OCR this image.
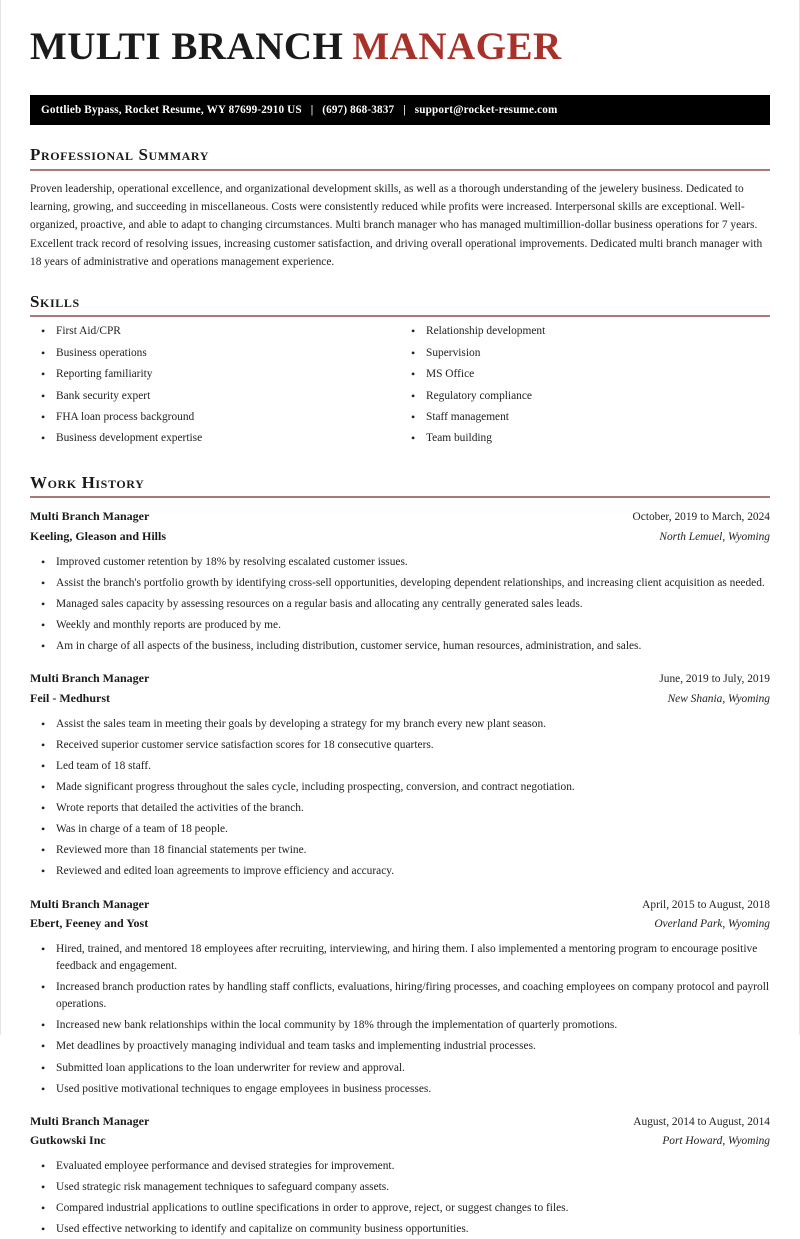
MULTI BRANCH MANAGER
Gottlieb Bypass, Rocket Resume, WY 87699-2910 US | (697) 868-3837 | support@rocket-resume.com
Professional Summary

Proven leadership, operational excellence, and organizational development skills, as well as a thorough understanding of the jewelery business. Dedicated to learning, growing, and succeeding in miscellaneous. Costs were consistently reduced while profits were increased. Interpersonal skills are exceptional. Well-organized, proactive, and able to adapt to changing circumstances. Multi branch manager who has managed multimillion-dollar business operations for 7 years. Excellent track record of resolving issues, increasing customer satisfaction, and driving overall operational improvements. Dedicated multi branch manager with 18 years of administrative and operations management experience.

Skills
• First Aid/CPR
• Business operations
• Reporting familiarity
• Bank security expert
• FHA loan process background
• Business development expertise
• Relationship development
• Supervision
• MS Office
• Regulatory compliance
• Staff management
• Team building
Work History
Multi Branch Manager	October, 2019 to March, 2024
Keeling, Gleason and Hills	North Lemuel, Wyoming
• Improved customer retention by 18% by resolving escalated customer issues.
• Assist the branch's portfolio growth by identifying cross-sell opportunities, developing dependent relationships, and increasing client acquisition as needed.
• Managed sales capacity by assessing resources on a regular basis and allocating any centrally generated sales leads.
• Weekly and monthly reports are produced by me.
• Am in charge of all aspects of the business, including distribution, customer service, human resources, administration, and sales.
Multi Branch Manager	June, 2019 to July, 2019
Feil - Medhurst	New Shania, Wyoming
• Assist the sales team in meeting their goals by developing a strategy for my branch every new plant season.
• Received superior customer service satisfaction scores for 18 consecutive quarters.
• Led team of 18 staff.
• Made significant progress throughout the sales cycle, including prospecting, conversion, and contract negotiation.
• Wrote reports that detailed the activities of the branch.
• Was in charge of a team of 18 people.
• Reviewed more than 18 financial statements per twine.
• Reviewed and edited loan agreements to improve efficiency and accuracy.
Multi Branch Manager	April, 2015 to August, 2018
Ebert, Feeney and Yost	Overland Park, Wyoming
• Hired, trained, and mentored 18 employees after recruiting, interviewing, and hiring them. I also implemented a mentoring program to encourage positive feedback and engagement.
• Increased branch production rates by handling staff conflicts, evaluations, hiring/firing processes, and coaching employees on company protocol and payroll operations.
• Increased new bank relationships within the local community by 18% through the implementation of quarterly promotions.
• Met deadlines by proactively managing individual and team tasks and implementing industrial processes.
• Submitted loan applications to the loan underwriter for review and approval.
• Used positive motivational techniques to engage employees in business processes.
Multi Branch Manager	August, 2014 to August, 2014
Gutkowski Inc	Port Howard, Wyoming
• Evaluated employee performance and devised strategies for improvement.
• Used strategic risk management techniques to safeguard company assets.
• Compared industrial applications to outline specifications in order to approve, reject, or suggest changes to files.
• Used effective networking to identify and capitalize on community business opportunities.
